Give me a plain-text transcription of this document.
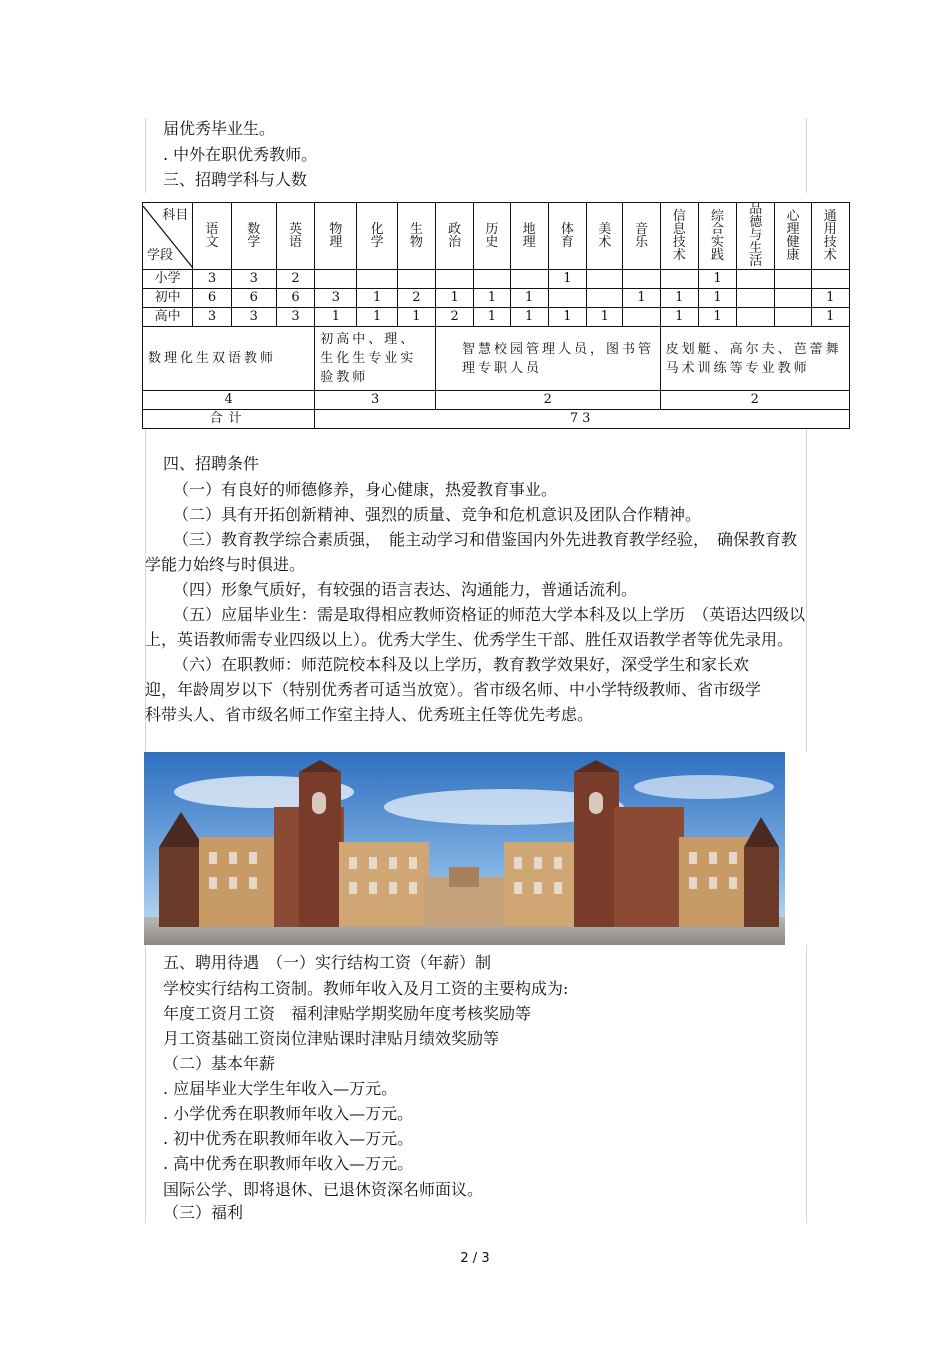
届优秀毕业生。
. 中外在职优秀教师。
三、招聘学科与人数
科目
学段	语文	数学	英语	物理	化学	生物	政治	历史	地理	体育	美术	音乐	信息技术	综合实践	品德与生活	心理健康	通用技术
小学	3	3	2							1				1			
初中	6	6	6	3	1	2	1	1	1			1	1	1			1
高中	3	3	3	1	1	1	2	1	1	1	1		1	1			1
数理化生双语教师				初高中、理、生化生专业实验教师			智慧校园管理人员，图书管理专职人员						皮划艇、高尔夫、芭蕾舞马术训练等专业教师				
4				3			2						2				
合计				73													
四、招聘条件

（一）有良好的师德修养，身心健康，热爱教育事业。

（二）具有开拓创新精神、强烈的质量、竞争和危机意识及团队合作精神。

（三）教育教学综合素质强，　能主动学习和借鉴国内外先进教育教学经验，　确保教育教学能力始终与时俱进。

（四）形象气质好，有较强的语言表达、沟通能力，普通话流利。

（五）应届毕业生：需是取得相应教师资格证的师范大学本科及以上学历　（英语达四级以上，英语教师需专业四级以上）。优秀大学生、优秀学生干部、胜任双语教学者等优先录用。

（六）在职教师：师范院校本科及以上学历，教育教学效果好，深受学生和家长欢迎，年龄周岁以下（特别优秀者可适当放宽）。省市级名师、中小学特级教师、省市级学科带头人、省市级名师工作室主持人、优秀班主任等优先考虑。

五、聘用待遇　（一）实行结构工资（年薪）制
学校实行结构工资制。教师年收入及月工资的主要构成为:
年度工资月工资　福利津贴学期奖励年度考核奖励等
月工资基础工资岗位津贴课时津贴月绩效奖励等
（二）基本年薪
. 应届毕业大学生年收入—万元。
. 小学优秀在职教师年收入—万元。
. 初中优秀在职教师年收入—万元。
. 高中优秀在职教师年收入—万元。
国际公学、即将退休、已退休资深名师面议。
（三）福利
2 / 3
